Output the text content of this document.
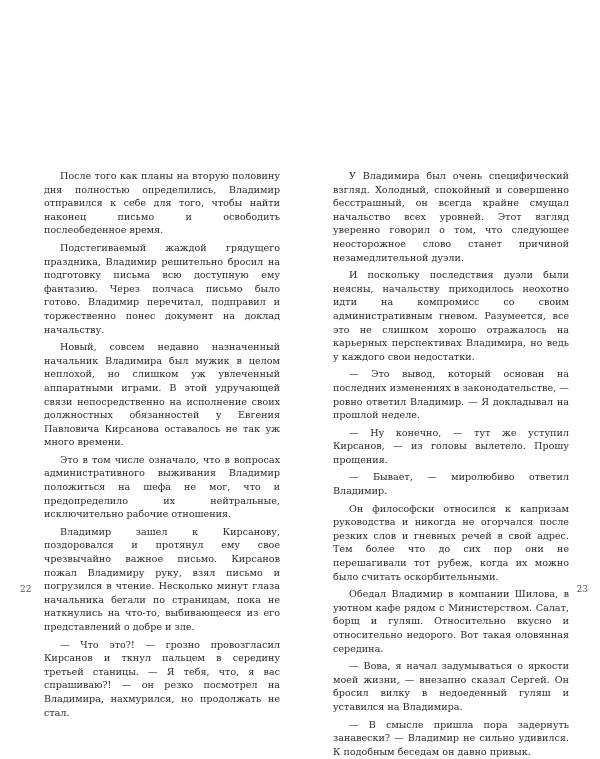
После того как планы на вторую половину дня полностью определились, Владимир отправился к себе для того, чтобы найти наконец письмо и освободить послеобеденное время.

Подстегиваемый жаждой грядущего праздника, Владимир решительно бросил на подготовку письма всю доступную ему фантазию. Через полчаса письмо было готово. Владимир перечитал, подправил и торжественно понес документ на доклад начальству.

Новый, совсем недавно назначенный начальник Владимира был мужик в целом неплохой, но слишком уж увлеченный аппаратными играми. В этой удручающей связи непосредственно на исполнение своих должностных обязанностей у Евгения Павловича Кирсанова оставалось не так уж много времени.

Это в том числе означало, что в вопросах административного выживания Владимир положиться на шефа не мог, что и предопределило их нейтральные, исключительно рабочие отношения.

Владимир зашел к Кирсанову, поздоровался и протянул ему свое чрезвычайно важное письмо. Кирсанов пожал Владимиру руку, взял письмо и погрузился в чтение. Несколько минут глаза начальника бегали по страницам, пока не наткнулись на что-то, выбивающееся из его представлений о добре и зле.

— Что это?! — грозно провозгласил Кирсанов и ткнул пальцем в середину третьей станицы. — Я тебя, что, я вас спрашиваю?! — он резко посмотрел на Владимира, нахмурился, но продолжать не стал.

22

У Владимира был очень специфический взгляд. Холодный, спокойный и совершенно бесстрашный, он всегда крайне смущал начальство всех уровней. Этот взгляд уверенно говорил о том, что следующее неосторожное слово станет причиной незамедлительной дуэли.

И поскольку последствия дуэли были неясны, начальству приходилось неохотно идти на компромисс со своим административным гневом. Разумеется, все это не слишком хорошо отражалось на карьерных перспективах Владимира, но ведь у каждого свои недостатки.

— Это вывод, который основан на последних изменениях в законодательстве, — ровно ответил Владимир. — Я докладывал на прошлой неделе.

— Ну конечно, — тут же уступил Кирсанов, — из головы вылетело. Прошу прощения.

— Бывает, — миролюбиво ответил Владимир.

Он философски относился к капризам руководства и никогда не огорчался после резких слов и гневных речей в свой адрес. Тем более что до сих пор они не перешагивали тот рубеж, когда их можно было считать оскорбительными.

Обедал Владимир в компании Шилова, в уютном кафе рядом с Министерством. Салат, борщ и гуляш. Относительно вкусно и относительно недорого. Вот такая оловянная середина.

— Вова, я начал задумываться о яркости моей жизни, — внезапно сказал Сергей. Он бросил вилку в недоеденный гуляш и уставился на Владимира.

— В смысле пришла пора задернуть занавески? — Владимир не сильно удивился. К подобным беседам он давно привык.

23
